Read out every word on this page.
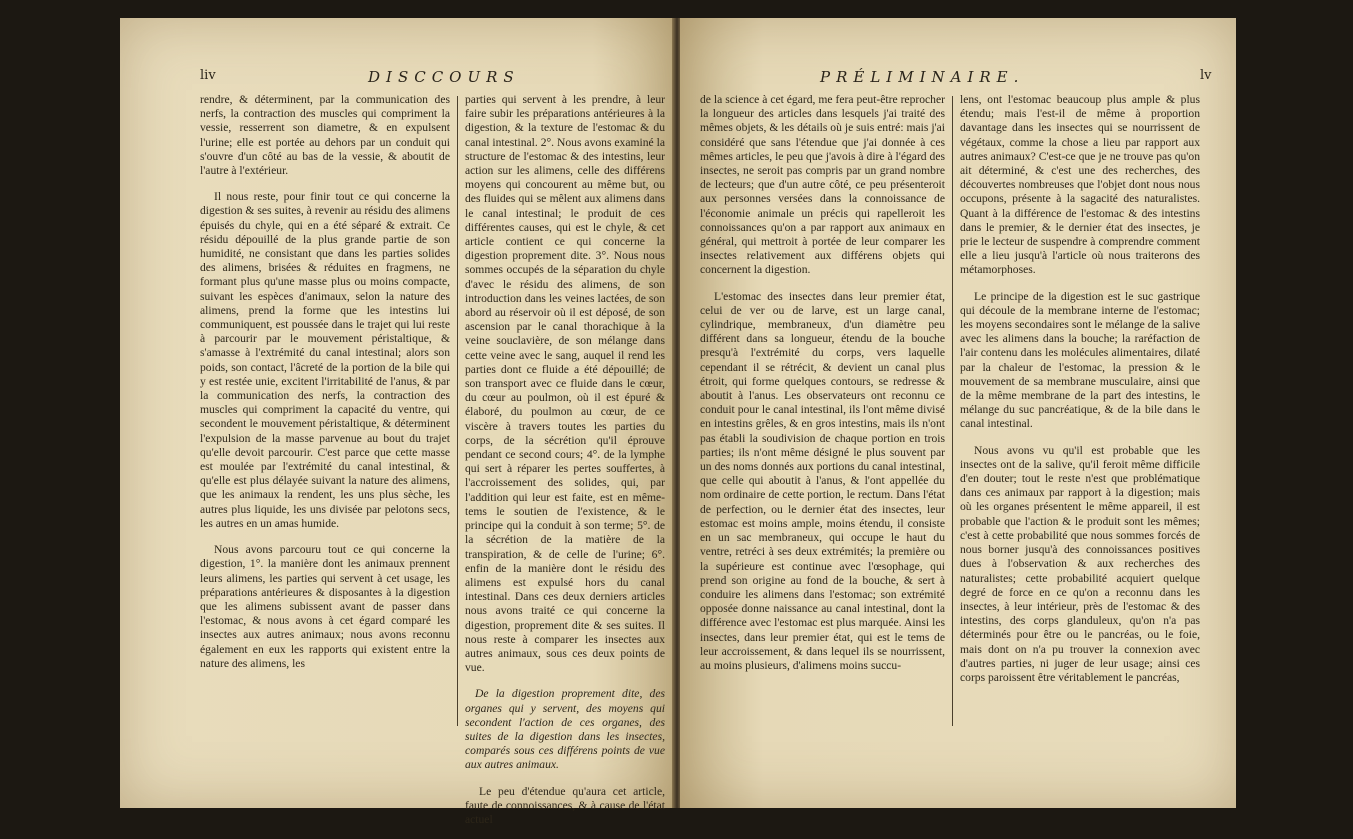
liv	DISCCOURS

rendre, & déterminent, par la communication des nerfs, la contraction des muscles qui compriment la vessie, resserrent son diametre, & en expulsent l'urine; elle est portée au dehors par un conduit qui s'ouvre d'un côté au bas de la vessie, & aboutit de l'autre à l'extérieur.

Il nous reste, pour finir tout ce qui concerne la digestion & ses suites, à revenir au résidu des alimens épuisés du chyle, qui en a été séparé & extrait. Ce résidu dépouillé de la plus grande partie de son humidité, ne consistant que dans les parties solides des alimens, brisées & réduites en fragmens, ne formant plus qu'une masse plus ou moins compacte, suivant les espèces d'animaux, selon la nature des alimens, prend la forme que les intestins lui communiquent, est poussée dans le trajet qui lui reste à parcourir par le mouvement péristaltique, & s'amasse à l'extrémité du canal intestinal; alors son poids, son contact, l'âcreté de la portion de la bile qui y est restée unie, excitent l'irritabilité de l'anus, & par la communication des nerfs, la contraction des muscles qui compriment la capacité du ventre, qui secondent le mouvement péristaltique, & déterminent l'expulsion de la masse parvenue au bout du trajet qu'elle devoit parcourir. C'est parce que cette masse est moulée par l'extrémité du canal intestinal, & qu'elle est plus délayée suivant la nature des alimens, que les animaux la rendent, les uns plus sèche, les autres plus liquide, les uns divisée par pelotons secs, les autres en un amas humide.

Nous avons parcouru tout ce qui concerne la digestion, 1°. la manière dont les animaux prennent leurs alimens, les parties qui servent à cet usage, les préparations antérieures & disposantes à la digestion que les alimens subissent avant de passer dans l'estomac, & nous avons à cet égard comparé les insectes aux autres animaux; nous avons reconnu également en eux les rapports qui existent entre la nature des alimens, les

parties qui servent à les prendre, à leur faire subir les préparations antérieures à la digestion, & la texture de l'estomac & du canal intestinal. 2°. Nous avons examiné la structure de l'estomac & des intestins, leur action sur les alimens, celle des différens moyens qui concourent au même but, ou des fluides qui se mêlent aux alimens dans le canal intestinal; le produit de ces différentes causes, qui est le chyle, & cet article contient ce qui concerne la digestion proprement dite. 3°. Nous nous sommes occupés de la séparation du chyle d'avec le résidu des alimens, de son introduction dans les veines lactées, de son abord au réservoir où il est déposé, de son ascension par le canal thorachique à la veine souclavière, de son mélange dans cette veine avec le sang, auquel il rend les parties dont ce fluide a été dépouillé; de son transport avec ce fluide dans le cœur, du cœur au poulmon, où il est épuré & élaboré, du poulmon au cœur, de ce viscère à travers toutes les parties du corps, de la sécrétion qu'il éprouve pendant ce second cours; 4°. de la lymphe qui sert à réparer les pertes souffertes, à l'accroissement des solides, qui, par l'addition qui leur est faite, est en même-tems le soutien de l'existence, & le principe qui la conduit à son terme; 5°. de la sécrétion de la matière de la transpiration, & de celle de l'urine; 6°. enfin de la manière dont le résidu des alimens est expulsé hors du canal intestinal. Dans ces deux derniers articles nous avons traité ce qui concerne la digestion, proprement dite & ses suites. Il nous reste à comparer les insectes aux autres animaux, sous ces deux points de vue.

De la digestion proprement dite, des organes qui y servent, des moyens qui secondent l'action de ces organes, des suites de la digestion dans les insectes, comparés sous ces différens points de vue aux autres animaux.

Le peu d'étendue qu'aura cet article, faute de connoissances, & à cause de l'état actuel

PRÉLIMINAIRE.	lv

de la science à cet égard, me fera peut-être reprocher la longueur des articles dans lesquels j'ai traité des mêmes objets, & les détails où je suis entré: mais j'ai considéré que sans l'étendue que j'ai donnée à ces mêmes articles, le peu que j'avois à dire à l'égard des insectes, ne seroit pas compris par un grand nombre de lecteurs; que d'un autre côté, ce peu présenteroit aux personnes versées dans la connoissance de l'économie animale un précis qui rapelleroit les connoissances qu'on a par rapport aux animaux en général, qui mettroit à portée de leur comparer les insectes relativement aux différens objets qui concernent la digestion.

L'estomac des insectes dans leur premier état, celui de ver ou de larve, est un large canal, cylindrique, membraneux, d'un diamètre peu différent dans sa longueur, étendu de la bouche presqu'à l'extrémité du corps, vers laquelle cependant il se rétrécit, & devient un canal plus étroit, qui forme quelques contours, se redresse & aboutit à l'anus. Les observateurs ont reconnu ce conduit pour le canal intestinal, ils l'ont même divisé en intestins grêles, & en gros intestins, mais ils n'ont pas établi la soudivision de chaque portion en trois parties; ils n'ont même désigné le plus souvent par un des noms donnés aux portions du canal intestinal, que celle qui aboutit à l'anus, & l'ont appellée du nom ordinaire de cette portion, le rectum. Dans l'état de perfection, ou le dernier état des insectes, leur estomac est moins ample, moins étendu, il consiste en un sac membraneux, qui occupe le haut du ventre, retréci à ses deux extrémités; la première ou la supérieure est continue avec l'œsophage, qui prend son origine au fond de la bouche, & sert à conduire les alimens dans l'estomac; son extrémité opposée donne naissance au canal intestinal, dont la différence avec l'estomac est plus marquée. Ainsi les insectes, dans leur premier état, qui est le tems de leur accroissement, & dans lequel ils se nourrissent, au moins plusieurs, d'alimens moins succu-

lens, ont l'estomac beaucoup plus ample & plus étendu; mais l'est-il de même à proportion davantage dans les insectes qui se nourrissent de végétaux, comme la chose a lieu par rapport aux autres animaux? C'est-ce que je ne trouve pas qu'on ait déterminé, & c'est une des recherches, des découvertes nombreuses que l'objet dont nous nous occupons, présente à la sagacité des naturalistes. Quant à la différence de l'estomac & des intestins dans le premier, & le dernier état des insectes, je prie le lecteur de suspendre à comprendre comment elle a lieu jusqu'à l'article où nous traiterons des métamorphoses.

Le principe de la digestion est le suc gastrique qui découle de la membrane interne de l'estomac; les moyens secondaires sont le mélange de la salive avec les alimens dans la bouche; la raréfaction de l'air contenu dans les molécules alimentaires, dilaté par la chaleur de l'estomac, la pression & le mouvement de sa membrane musculaire, ainsi que de la même membrane de la part des intestins, le mélange du suc pancréatique, & de la bile dans le canal intestinal.

Nous avons vu qu'il est probable que les insectes ont de la salive, qu'il feroit même difficile d'en douter; tout le reste n'est que problématique dans ces animaux par rapport à la digestion; mais où les organes présentent le même appareil, il est probable que l'action & le produit sont les mêmes; c'est à cette probabilité que nous sommes forcés de nous borner jusqu'à des connoissances positives dues à l'observation & aux recherches des naturalistes; cette probabilité acquiert quelque degré de force en ce qu'on a reconnu dans les insectes, à leur intérieur, près de l'estomac & des intestins, des corps glanduleux, qu'on n'a pas déterminés pour être ou le pancréas, ou le foie, mais dont on n'a pu trouver la connexion avec d'autres parties, ni juger de leur usage; ainsi ces corps paroissent être véritablement le pancréas,
